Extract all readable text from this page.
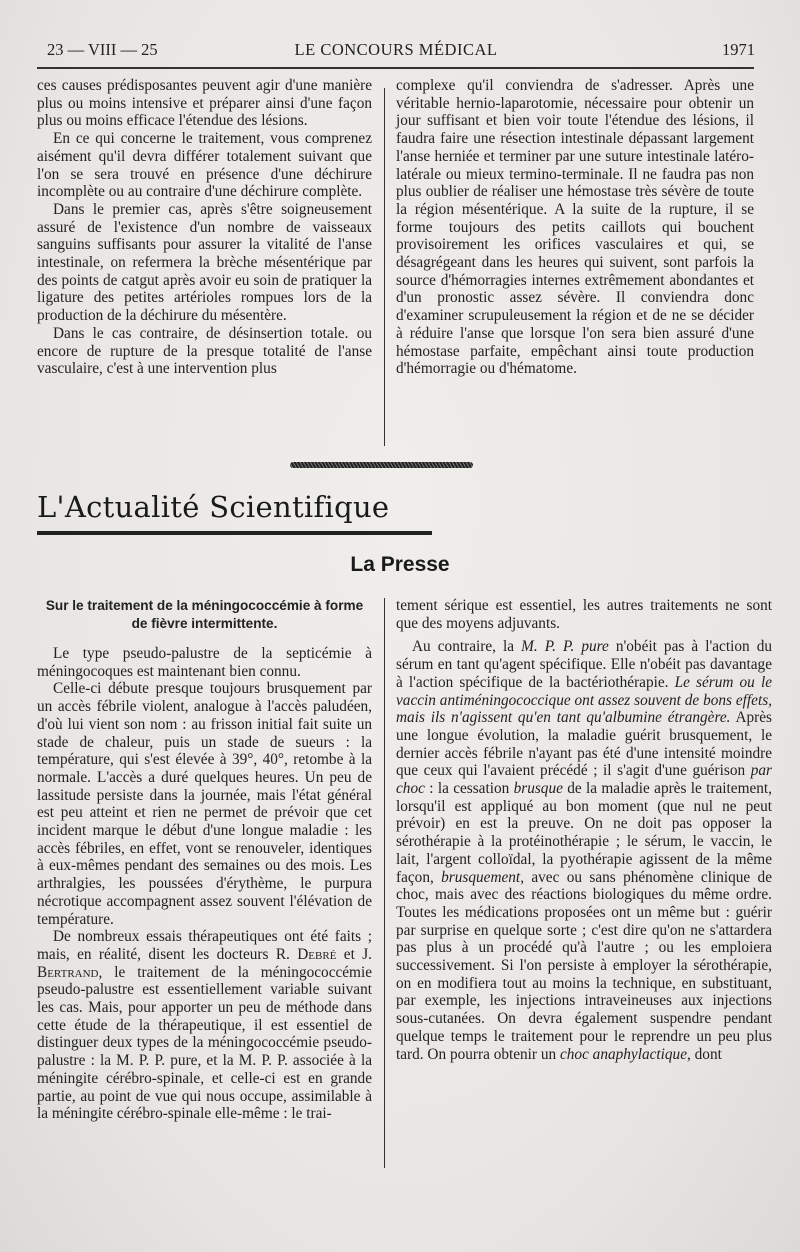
23 — VIII — 25	LE CONCOURS MÉDICAL	1971

ces causes prédisposantes peuvent agir d'une manière plus ou moins intensive et préparer ainsi d'une façon plus ou moins efficace l'étendue des lésions.

En ce qui concerne le traitement, vous comprenez aisément qu'il devra différer totalement suivant que l'on se sera trouvé en présence d'une déchirure incomplète ou au contraire d'une déchirure complète.

Dans le premier cas, après s'être soigneusement assuré de l'existence d'un nombre de vaisseaux sanguins suffisants pour assurer la vitalité de l'anse intestinale, on refermera la brèche mésentérique par des points de catgut après avoir eu soin de pratiquer la ligature des petites artérioles rompues lors de la production de la déchirure du mésentère.

Dans le cas contraire, de désinsertion totale. ou encore de rupture de la presque totalité de l'anse vasculaire, c'est à une intervention plus

complexe qu'il conviendra de s'adresser. Après une véritable hernio-laparotomie, nécessaire pour obtenir un jour suffisant et bien voir toute l'étendue des lésions, il faudra faire une résection intestinale dépassant largement l'anse herniée et terminer par une suture intestinale latéro-latérale ou mieux termino-terminale. Il ne faudra pas non plus oublier de réaliser une hémostase très sévère de toute la région mésentérique. A la suite de la rupture, il se forme toujours des petits caillots qui bouchent provisoirement les orifices vasculaires et qui, se désagrégeant dans les heures qui suivent, sont parfois la source d'hémorragies internes extrêmement abondantes et d'un pronostic assez sévère. Il conviendra donc d'examiner scrupuleusement la région et de ne se décider à réduire l'anse que lorsque l'on sera bien assuré d'une hémostase parfaite, empêchant ainsi toute production d'hémorragie ou d'hématome.

L'Actualité Scientifique
La Presse
Sur le traitement de la méningococcémie à forme de fièvre intermittente.

Le type pseudo-palustre de la septicémie à méningocoques est maintenant bien connu.

Celle-ci débute presque toujours brusquement par un accès fébrile violent, analogue à l'accès paludéen, d'où lui vient son nom : au frisson initial fait suite un stade de chaleur, puis un stade de sueurs : la température, qui s'est élevée à 39°, 40°, retombe à la normale. L'accès a duré quelques heures. Un peu de lassitude persiste dans la journée, mais l'état général est peu atteint et rien ne permet de prévoir que cet incident marque le début d'une longue maladie : les accès fébriles, en effet, vont se renouveler, identiques à eux-mêmes pendant des semaines ou des mois. Les arthralgies, les poussées d'érythème, le purpura nécrotique accompagnent assez souvent l'élévation de température.

De nombreux essais thérapeutiques ont été faits ; mais, en réalité, disent les docteurs R. Debré et J. Bertrand, le traitement de la méningococcémie pseudo-palustre est essentiellement variable suivant les cas. Mais, pour apporter un peu de méthode dans cette étude de la thérapeutique, il est essentiel de distinguer deux types de la méningococcémie pseudo-palustre : la M. P. P. pure, et la M. P. P. associée à la méningite cérébro-spinale, et celle-ci est en grande partie, au point de vue qui nous occupe, assimilable à la méningite cérébro-spinale elle-même : le trai-

tement sérique est essentiel, les autres traitements ne sont que des moyens adjuvants.

Au contraire, la M. P. P. pure n'obéit pas à l'action du sérum en tant qu'agent spécifique. Elle n'obéit pas davantage à l'action spécifique de la bactériothérapie. Le sérum ou le vaccin antiméningococcique ont assez souvent de bons effets, mais ils n'agissent qu'en tant qu'albumine étrangère. Après une longue évolution, la maladie guérit brusquement, le dernier accès fébrile n'ayant pas été d'une intensité moindre que ceux qui l'avaient précédé ; il s'agit d'une guérison par choc : la cessation brusque de la maladie après le traitement, lorsqu'il est appliqué au bon moment (que nul ne peut prévoir) en est la preuve. On ne doit pas opposer la sérothérapie à la protéinothérapie ; le sérum, le vaccin, le lait, l'argent colloïdal, la pyothérapie agissent de la même façon, brusquement, avec ou sans phénomène clinique de choc, mais avec des réactions biologiques du même ordre. Toutes les médications proposées ont un même but : guérir par surprise en quelque sorte ; c'est dire qu'on ne s'attardera pas plus à un procédé qu'à l'autre ; ou les emploiera successivement. Si l'on persiste à employer la sérothérapie, on en modifiera tout au moins la technique, en substituant, par exemple, les injections intraveineuses aux injections sous-cutanées. On devra également suspendre pendant quelque temps le traitement pour le reprendre un peu plus tard. On pourra obtenir un choc anaphylactique, dont
